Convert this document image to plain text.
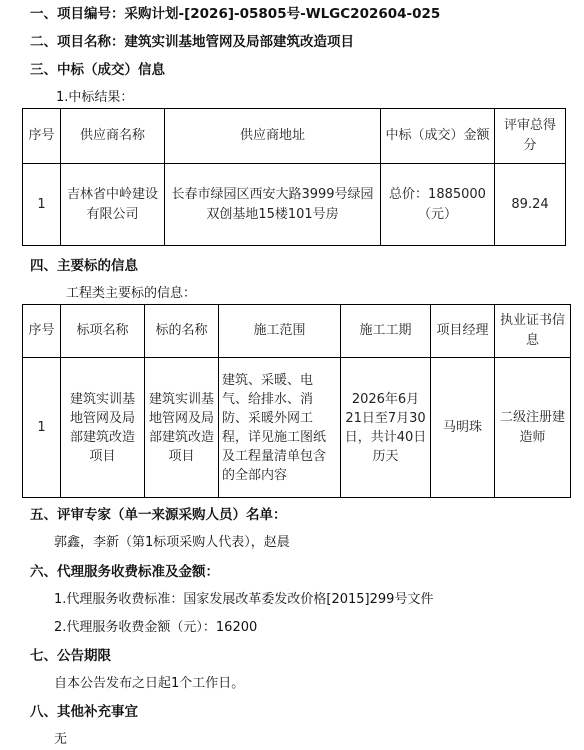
一、项目编号：采购计划-[2026]-05805号-WLGC202604-025
二、项目名称：建筑实训基地管网及局部建筑改造项目
三、中标（成交）信息
1.中标结果：
序号	供应商名称	供应商地址	中标（成交）金额	评审总得分
1	吉林省中岭建设有限公司	长春市绿园区西安大路3999号绿园双创基地15楼101号房	总价：1885000（元）	89.24
四、主要标的信息
工程类主要标的信息：
序号	标项名称	标的名称	施工范围	施工工期	项目经理	执业证书信息
1	建筑实训基地管网及局部建筑改造项目	建筑实训基地管网及局部建筑改造项目	建筑、采暖、电气、给排水、消防、采暖外网工程，详见施工图纸及工程量清单包含的全部内容	2026年6月21日至7月30日，共计40日历天	马明珠	二级注册建造师
五、评审专家（单一来源采购人员）名单：
郭鑫，李新（第1标项采购人代表），赵晨
六、代理服务收费标准及金额：
1.代理服务收费标准：国家发展改革委发改价格[2015]299号文件
2.代理服务收费金额（元）：16200
七、公告期限
自本公告发布之日起1个工作日。
八、其他补充事宜
无
